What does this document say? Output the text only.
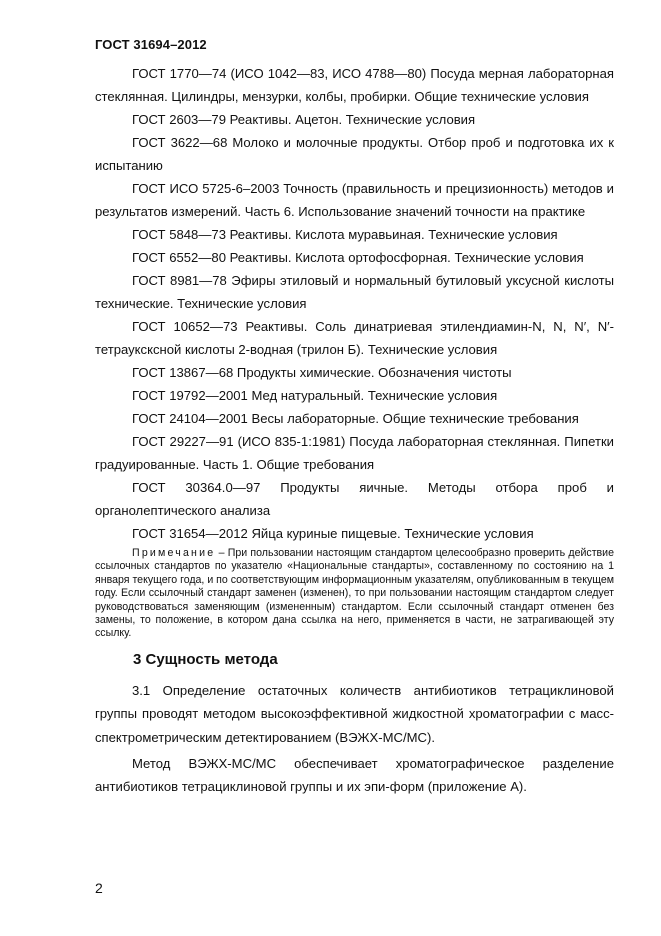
ГОСТ 31694–2012

ГОСТ 1770—74 (ИСО 1042—83, ИСО 4788—80) Посуда мерная лабораторная стеклянная. Цилиндры, мензурки, колбы, пробирки. Общие технические условия

ГОСТ 2603—79 Реактивы. Ацетон. Технические условия

ГОСТ 3622—68 Молоко и молочные продукты. Отбор проб и подготовка их к испытанию

ГОСТ ИСО 5725-6–2003 Точность (правильность и прецизионность) методов и результатов измерений. Часть 6. Использование значений точности на практике

ГОСТ 5848—73 Реактивы. Кислота муравьиная. Технические условия

ГОСТ 6552—80 Реактивы. Кислота ортофосфорная. Технические условия

ГОСТ 8981—78 Эфиры этиловый и нормальный бутиловый уксусной кислоты технические. Технические условия

ГОСТ 10652—73 Реактивы. Соль динатриевая этилендиамин-N, N, N′, N′-тетрауксксной кислоты 2-водная (трилон Б). Технические условия

ГОСТ 13867—68 Продукты химические. Обозначения чистоты

ГОСТ 19792—2001 Мед натуральный. Технические условия

ГОСТ 24104—2001 Весы лабораторные. Общие технические требования

ГОСТ 29227—91 (ИСО 835-1:1981) Посуда лабораторная стеклянная. Пипетки градуированные. Часть 1. Общие требования

ГОСТ 30364.0—97 Продукты яичные. Методы отбора проб и органолептического анализа

ГОСТ 31654—2012 Яйца куриные пищевые. Технические условия

Примечание – При пользовании настоящим стандартом целесообразно проверить действие ссылочных стандартов по указателю «Национальные стандарты», составленному по состоянию на 1 января текущего года, и по соответствующим информационным указателям, опубликованным в текущем году. Если ссылочный стандарт заменен (изменен), то при пользовании настоящим стандартом следует руководствоваться заменяющим (измененным) стандартом. Если ссылочный стандарт отменен без замены, то положение, в котором дана ссылка на него, применяется в части, не затрагивающей эту ссылку.

3 Сущность метода

3.1 Определение остаточных количеств антибиотиков тетрациклиновой группы проводят методом высокоэффективной жидкостной хроматографии с масс-спектрометрическим детектированием (ВЭЖХ-МС/МС).

Метод ВЭЖХ-МС/МС обеспечивает хроматографическое разделение антибиотиков тетрациклиновой группы и их эпи-форм (приложение А).

2
